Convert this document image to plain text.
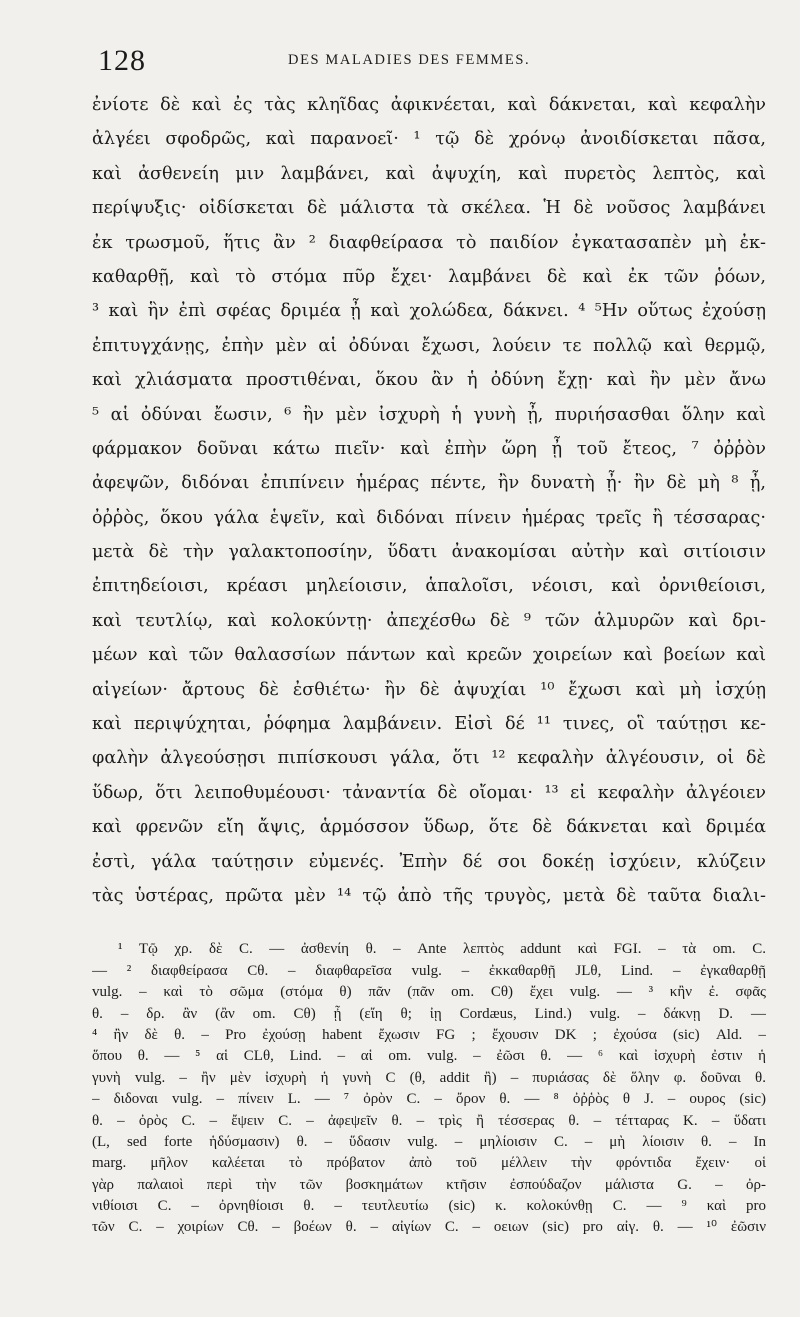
128	DES MALADIES DES FEMMES.
ἐνίοτε δὲ καὶ ἐς τὰς κληῖδας ἀφικνέεται, καὶ δάκνεται, καὶ κεφαλὴν
ἀλγέει σφοδρῶς, καὶ παρανοεῖ· ¹ τῷ δὲ χρόνῳ ἀνοιδίσκεται πᾶσα,
καὶ ἀσθενείη μιν λαμβάνει, καὶ ἀψυχίη, καὶ πυρετὸς λεπτὸς, καὶ
περίψυξις· οἰδίσκεται δὲ μάλιστα τὰ σκέλεα. Ἡ δὲ νοῦσος λαμβάνει
ἐκ τρωσμοῦ, ἥτις ἂν ² διαφθείρασα τὸ παιδίον ἐγκατασαπὲν μὴ ἐκ-
καθαρθῇ, καὶ τὸ στόμα πῦρ ἔχει· λαμβάνει δὲ καὶ ἐκ τῶν ῥόων,
³ καὶ ἣν ἐπὶ σφέας δριμέα ᾖ καὶ χολώδεα, δάκνει. ⁴ ⁵Ην οὕτως ἐχούσῃ
ἐπιτυγχάνῃς, ἐπὴν μὲν αἱ ὀδύναι ἔχωσι, λούειν τε πολλῷ καὶ θερμῷ,
καὶ χλιάσματα προστιθέναι, ὅκου ἂν ἡ ὀδύνη ἔχῃ· καὶ ἢν μὲν ἄνω
⁵ αἱ ὀδύναι ἔωσιν, ⁶ ἢν μὲν ἰσχυρὴ ἡ γυνὴ ᾖ, πυριήσασθαι ὅλην καὶ
φάρμακον δοῦναι κάτω πιεῖν· καὶ ἐπὴν ὥρη ᾖ τοῦ ἔτεος, ⁷ ὀῤῥὸν
ἀφεψῶν, διδόναι ἐπιπίνειν ἡμέρας πέντε, ἢν δυνατὴ ᾖ· ἢν δὲ μὴ ⁸ ᾖ,
ὀῤῥὸς, ὅκου γάλα ἑψεῖν, καὶ διδόναι πίνειν ἡμέρας τρεῖς ἢ τέσσαρας·
μετὰ δὲ τὴν γαλακτοποσίην, ὕδατι ἀνακομίσαι αὐτὴν καὶ σιτίοισιν
ἐπιτηδείοισι, κρέασι μηλείοισιν, ἁπαλοῖσι, νέοισι, καὶ ὀρνιθείοισι,
καὶ τευτλίῳ, καὶ κολοκύντῃ· ἀπεχέσθω δὲ ⁹ τῶν ἁλμυρῶν καὶ δρι-
μέων καὶ τῶν θαλασσίων πάντων καὶ κρεῶν χοιρείων καὶ βοείων καὶ
αἰγείων· ἄρτους δὲ ἐσθιέτω· ἢν δὲ ἀψυχίαι ¹⁰ ἔχωσι καὶ μὴ ἰσχύῃ
καὶ περιψύχηται, ῥόφημα λαμβάνειν. Εἰσὶ δέ ¹¹ τινες, οἳ ταύτῃσι κε-
φαλὴν ἀλγεούσῃσι πιπίσκουσι γάλα, ὅτι ¹² κεφαλὴν ἀλγέουσιν, οἱ δὲ
ὕδωρ, ὅτι λειποθυμέουσι· τἀναντία δὲ οἴομαι· ¹³ εἰ κεφαλὴν ἀλγέοιεν
καὶ φρενῶν εἴη ἄψις, ἁρμόσσον ὕδωρ, ὅτε δὲ δάκνεται καὶ δριμέα
ἐστὶ, γάλα ταύτῃσιν εὐμενές. Ἐπὴν δέ σοι δοκέῃ ἰσχύειν, κλύζειν
τὰς ὑστέρας, πρῶτα μὲν ¹⁴ τῷ ἀπὸ τῆς τρυγὸς, μετὰ δὲ ταῦτα διαλι-
¹ Τῷ χρ. δὲ C. — ἀσθενίη θ. – Ante λεπτὸς addunt καὶ FGI. – τὰ om. C.
— ² διαφθείρασα Cθ. – διαφθαρεῖσα vulg. – ἐκκαθαρθῇ JLθ, Lind. – ἐγκαθαρθῇ
vulg. – καὶ τὸ σῶμα (στόμα θ) πᾶν (πᾶν om. Cθ) ἔχει vulg. — ³ κἢν ἐ. σφᾶς
θ. – δρ. ἂν (ἂν om. Cθ) ᾖ (εἴη θ; ἰῃ Cordæus, Lind.) vulg. – δάκνῃ D. —
⁴ ἢν δὲ θ. – Pro ἐχούσῃ habent ἔχωσιν FG ; ἔχουσιν DK ; ἐχούσα (sic) Ald. –
ὅπου θ. — ⁵ αἱ CLθ, Lind. – αἱ om. vulg. – ἐῶσι θ. — ⁶ καὶ ἰσχυρὴ ἐστιν ἡ
γυνὴ vulg. – ἢν μὲν ἰσχυρὴ ἡ γυνὴ C (θ, addit ἢ) – πυριάσας δὲ ὅλην φ. δοῦναι θ.
– διδοναι vulg. – πίνειν L. — ⁷ ὀρὸν C. – ὄρον θ. — ⁸ ὀῤῥὸς θ J. – ουρος (sic)
θ. – ὀρὸς C. – ἔψειν C. – ἀφεψεῖν θ. – τρὶς ἢ τέσσερας θ. – τέτταρας K. – ὕδατι
(L, sed forte ἡδύσμασιν) θ. – ὕδασιν vulg. – μηλίοισιν C. – μὴ λίοισιν θ. – In
marg. μῆλον καλέεται τὸ πρόβατον ἀπὸ τοῦ μέλλειν τὴν φρόντιδα ἔχειν· οἱ
γὰρ παλαιοὶ περὶ τὴν τῶν βοσκημάτων κτῆσιν ἐσπούδαζον μάλιστα G. – ὀρ-
νιθίοισι C. – ὀρνηθίοισι θ. – τευτλευτίω (sic) κ. κολοκύνθῃ C. — ⁹ καὶ pro
τῶν C. – χοιρίων Cθ. – βοέων θ. – αἰγίων C. – οειων (sic) pro αἰγ. θ. — ¹⁰ ἐῶσιν
